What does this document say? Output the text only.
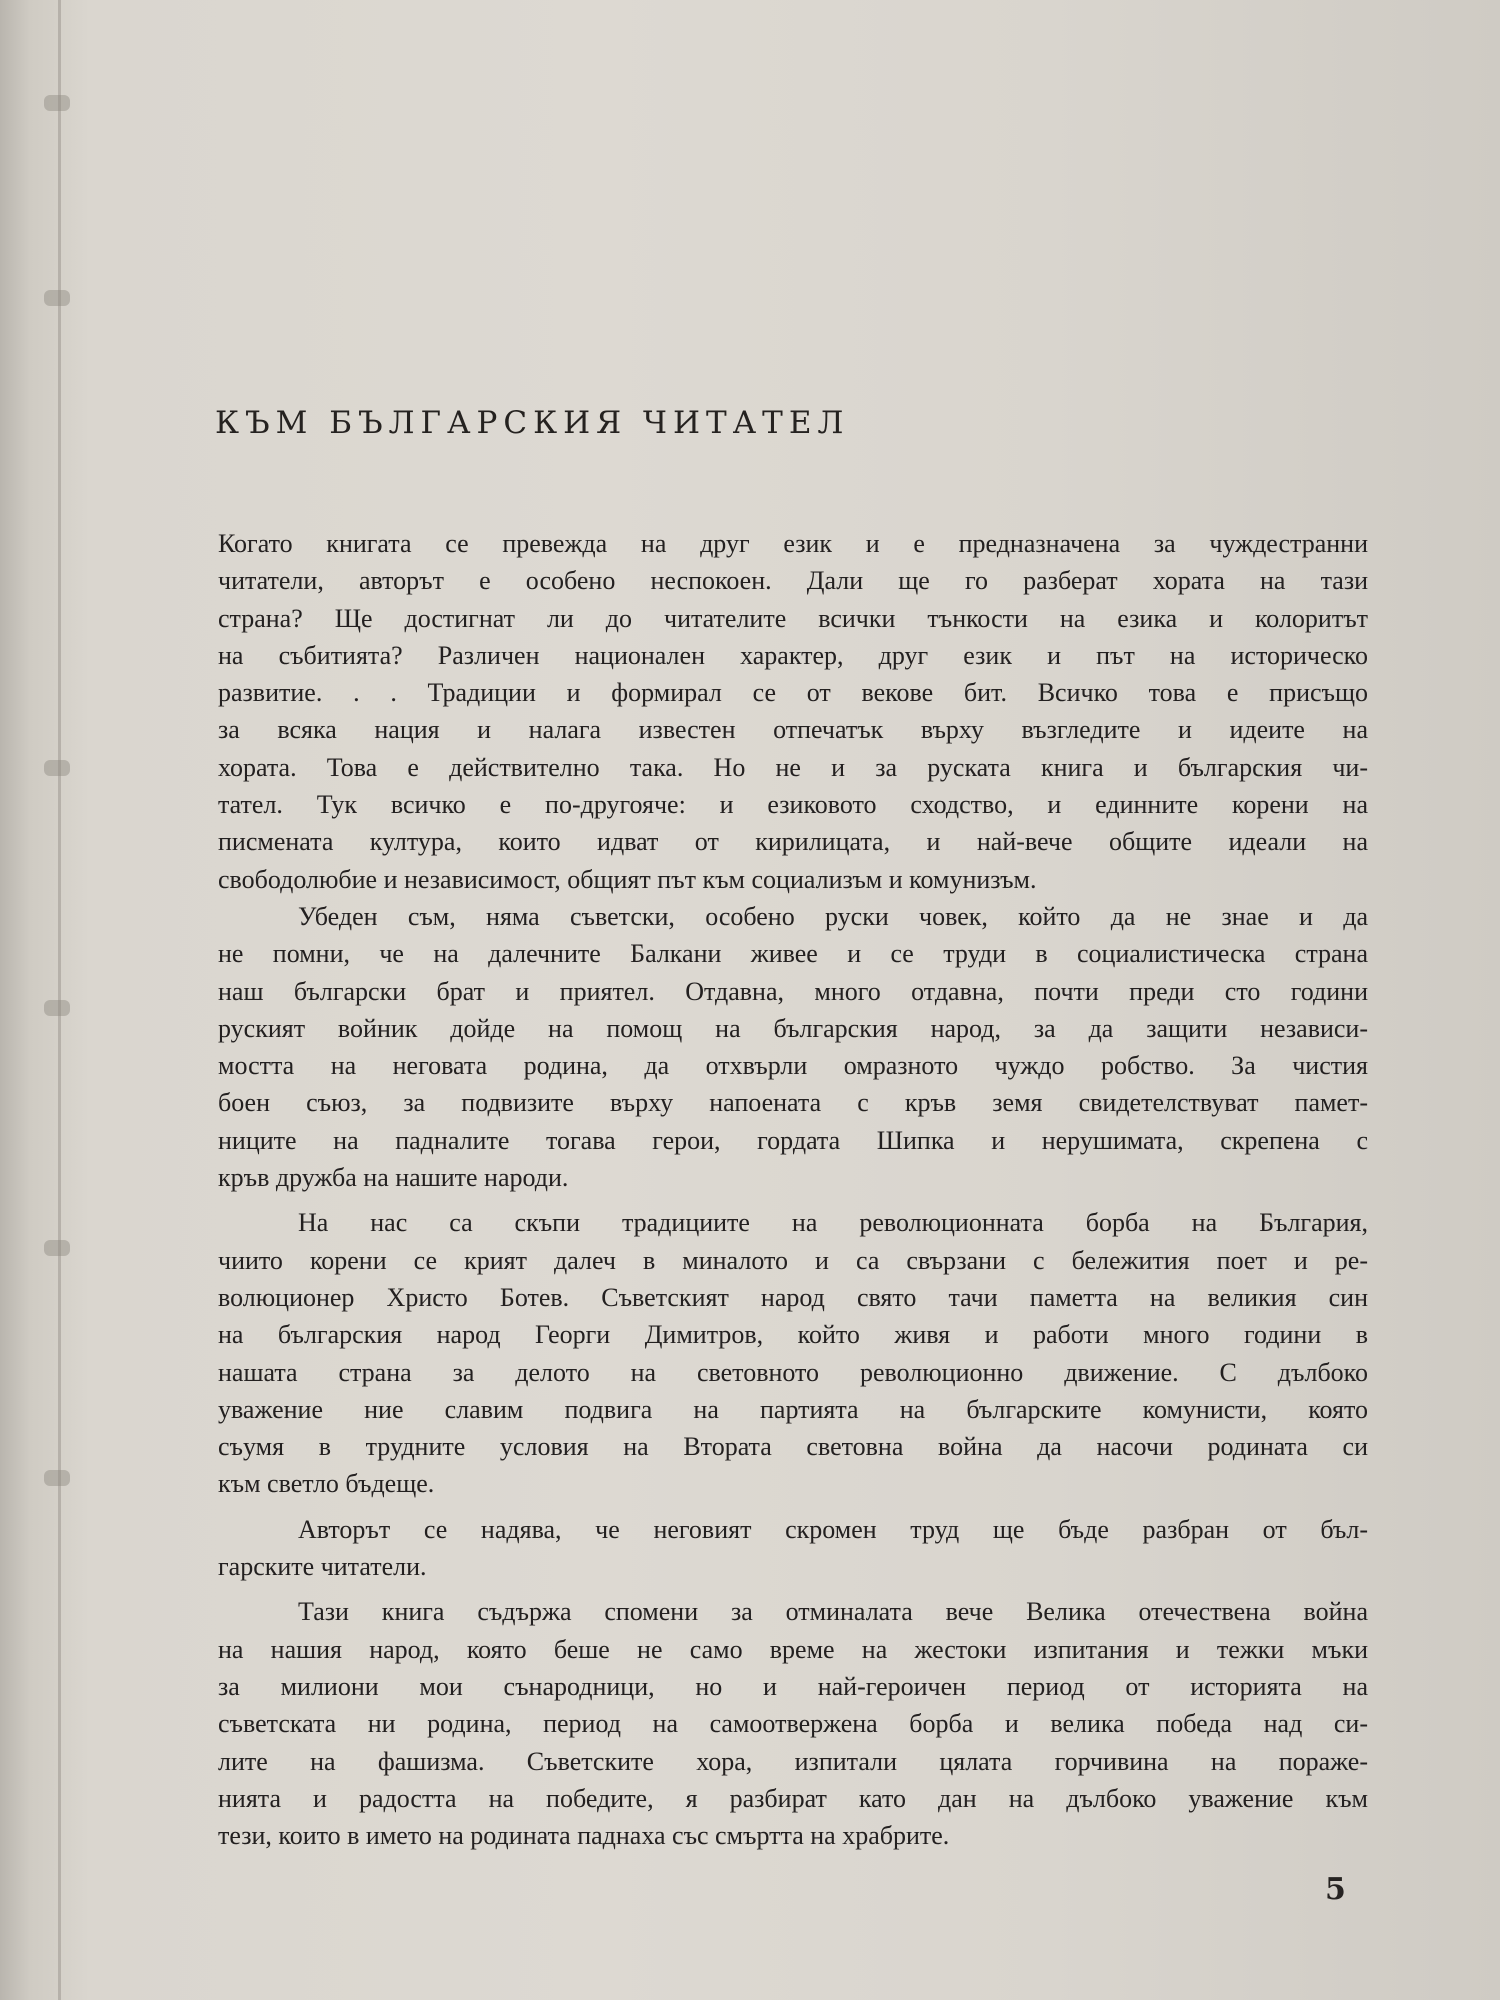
КЪМ БЪЛГАРСКИЯ ЧИТАТЕЛ
Когато книгата се превежда на друг език и е предназначена за чуждестранни
читатели, авторът е особено неспокоен. Дали ще го разберат хората на тази
страна? Ще достигнат ли до читателите всички тънкости на езика и колоритът
на събитията? Различен национален характер, друг език и път на историческо
развитие. . . Традиции и формирал се от векове бит. Всичко това е присъщо
за всяка нация и налага известен отпечатък върху възгледите и идеите на
хората. Това е действително така. Но не и за руската книга и българския чи-
тател. Тук всичко е по-другояче: и езиковото сходство, и единните корени на
писмената култура, които идват от кирилицата, и най-вече общите идеали на
свободолюбие и независимост, общият път към социализъм и комунизъм.
Убеден съм, няма съветски, особено руски човек, който да не знае и да
не помни, че на далечните Балкани живее и се труди в социалистическа страна
наш български брат и приятел. Отдавна, много отдавна, почти преди сто години
руският войник дойде на помощ на българския народ, за да защити независи-
мостта на неговата родина, да отхвърли омразното чуждо робство. За чистия
боен съюз, за подвизите върху напоената с кръв земя свидетелствуват памет-
ниците на падналите тогава герои, гордата Шипка и нерушимата, скрепена с
кръв дружба на нашите народи.
На нас са скъпи традициите на революционната борба на България,
чиито корени се крият далеч в миналото и са свързани с бележития поет и ре-
волюционер Христо Ботев. Съветският народ свято тачи паметта на великия син
на българския народ Георги Димитров, който живя и работи много години в
нашата страна за делото на световното революционно движение. С дълбоко
уважение ние славим подвига на партията на българските комунисти, която
съумя в трудните условия на Втората световна война да насочи родината си
към светло бъдеще.
Авторът се надява, че неговият скромен труд ще бъде разбран от бъл-
гарските читатели.
Тази книга съдържа спомени за отминалата вече Велика отечествена война
на нашия народ, която беше не само време на жестоки изпитания и тежки мъки
за милиони мои сънародници, но и най-героичен период от историята на
съветската ни родина, период на самоотвержена борба и велика победа над си-
лите на фашизма. Съветските хора, изпитали цялата горчивина на пораже-
нията и радостта на победите, я разбират като дан на дълбоко уважение към
тези, които в името на родината паднаха със смъртта на храбрите.
5
